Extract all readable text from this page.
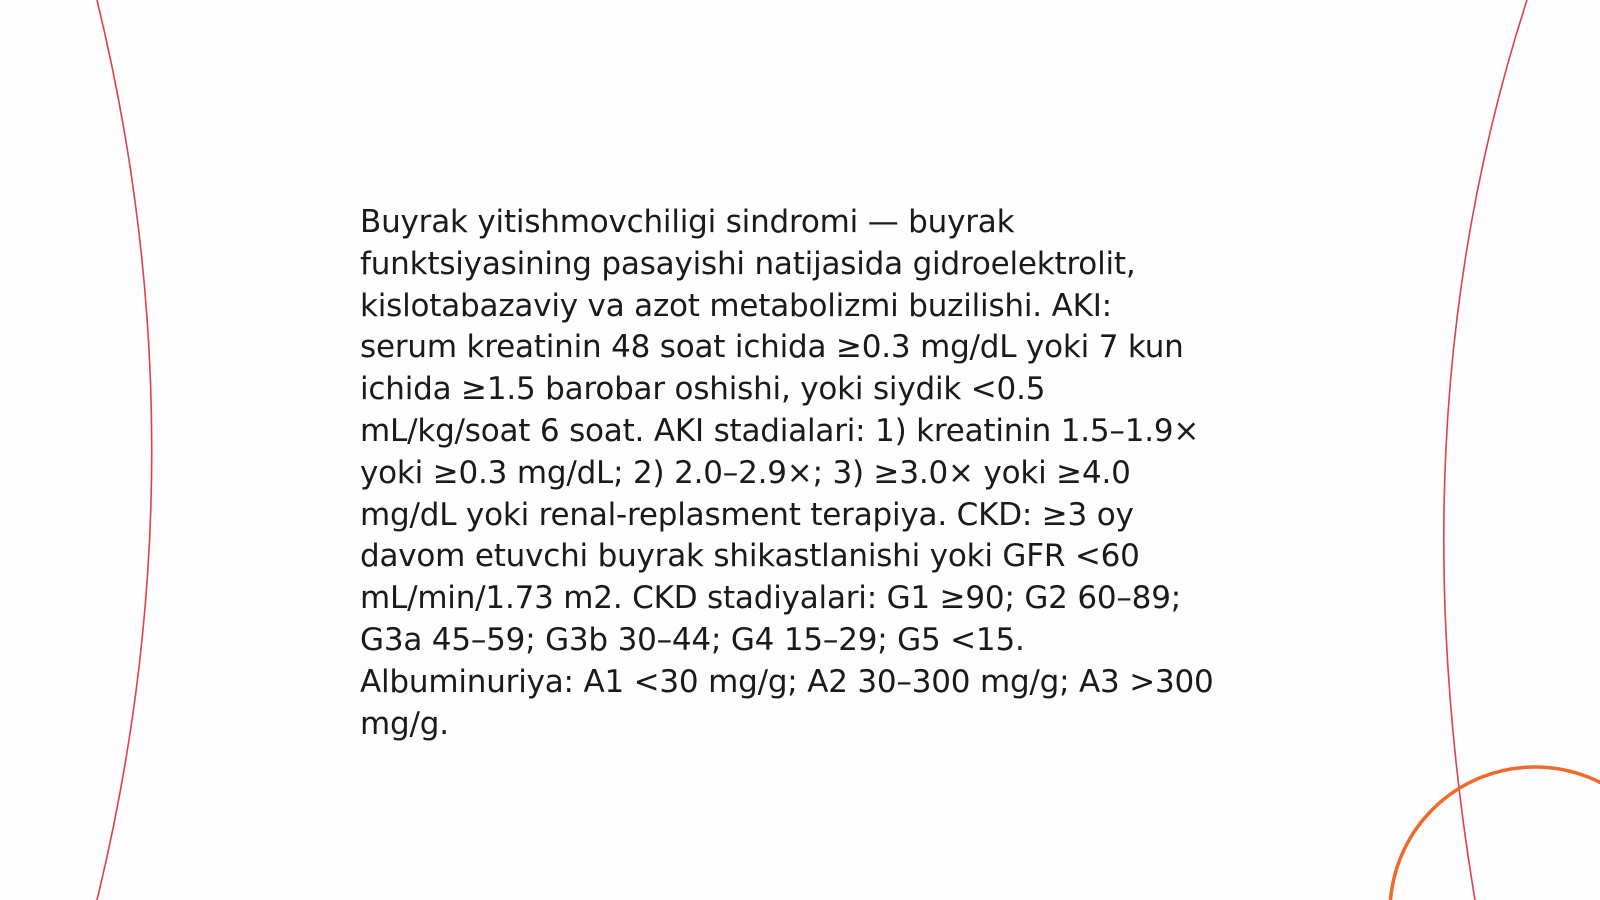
Buyrak yitishmovchiligi sindromi — buyrak
funktsiyasining pasayishi natijasida gidroelektrolit,
kislotabazaviy va azot metabolizmi buzilishi. AKI:
serum kreatinin 48 soat ichida ≥0.3 mg/dL yoki 7 kun
ichida ≥1.5 barobar oshishi, yoki siydik <0.5
mL/kg/soat 6 soat. AKI stadialari: 1) kreatinin 1.5–1.9×
yoki ≥0.3 mg/dL; 2) 2.0–2.9×; 3) ≥3.0× yoki ≥4.0
mg/dL yoki renal-replasment terapiya. CKD: ≥3 oy
davom etuvchi buyrak shikastlanishi yoki GFR <60
mL/min/1.73 m2. CKD stadiyalari: G1 ≥90; G2 60–89;
G3a 45–59; G3b 30–44; G4 15–29; G5 <15.
Albuminuriya: A1 <30 mg/g; A2 30–300 mg/g; A3 >300
mg/g.
